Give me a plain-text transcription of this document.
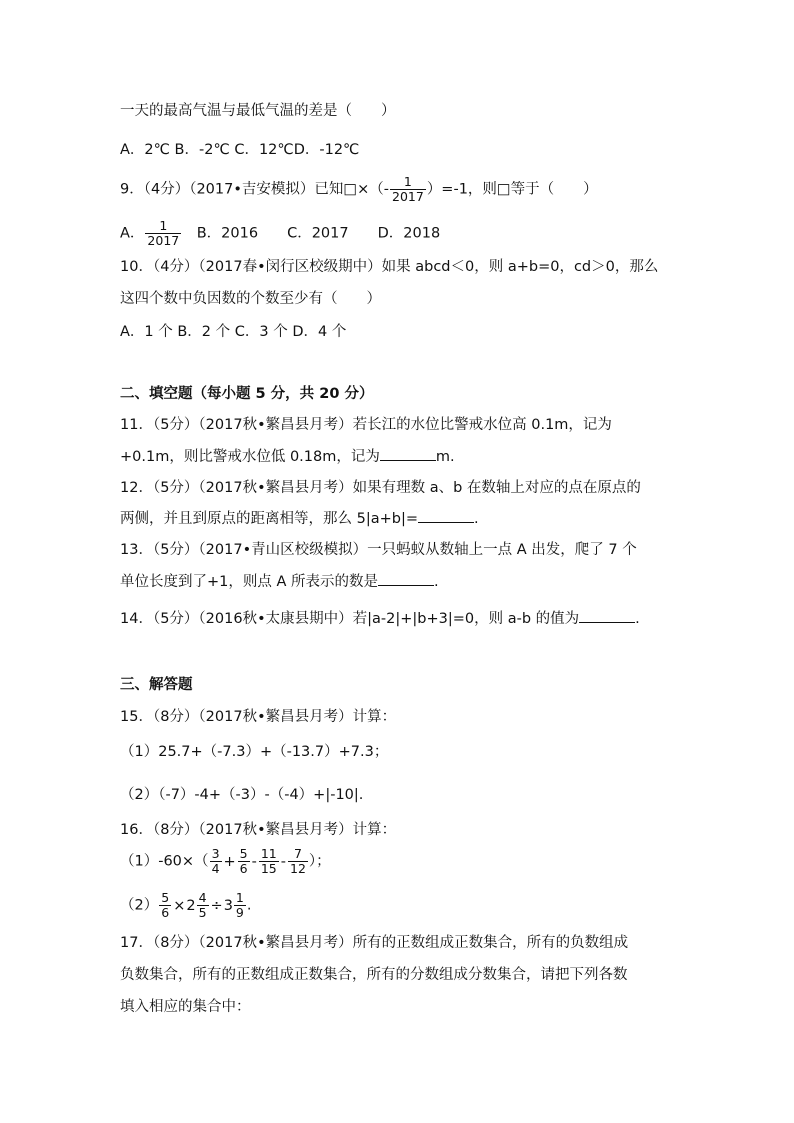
一天的最高气温与最低气温的差是（　　）
A．2℃ B．-2℃ C．12℃D．-12℃
9．（4分）（2017•吉安模拟）已知□×（- $\frac{1}{2017} )=-1$，则□等于（　　）
A． $\frac{1}{2017}$ 　B．2016　　C．2017　　D．2018
10．（4分）（2017春•闵行区校级期中）如果 abcd＜0，则 a+b=0，cd＞0，那么
这四个数中负因数的个数至少有（　　）
A．1 个 B．2 个 C．3 个 D．4 个
二、填空题（每小题 5 分，共 20 分）
11．（5分）（2017秋•繁昌县月考）若长江的水位比警戒水位高 0.1m，记为
+0.1m，则比警戒水位低 0.18m，记为	m.
12．（5分）（2017秋•繁昌县月考）如果有理数 a、b 在数轴上对应的点在原点的
两侧，并且到原点的距离相等，那么 5|a+b|=	.
13．（5分）（2017•青山区校级模拟）一只蚂蚁从数轴上一点 A 出发，爬了 7 个
单位长度到了+1，则点 A 所表示的数是	.
14．（5分）（2016秋•太康县期中）若|a-2|+|b+3|=0，则 a-b 的值为	.
三、解答题
15．（8分）（2017秋•繁昌县月考）计算：
（1）25.7+（-7.3）+（-13.7）+7.3；
（2）（-7）-4+（-3）-（-4）+|-10|.
16．（8分）（2017秋•繁昌县月考）计算：
$(1)-60\times( \frac{3}{4} + \frac{5}{6} - \frac{11}{15} - \frac{7}{12}$ ）；
$(2) \frac{5}{6} \times 2 \frac{4}{5} \div 3 \frac{1}{9}$ .
17．（8分）（2017秋•繁昌县月考）所有的正数组成正数集合，所有的负数组成
负数集合，所有的正数组成正数集合，所有的分数组成分数集合，请把下列各数
填入相应的集合中：
